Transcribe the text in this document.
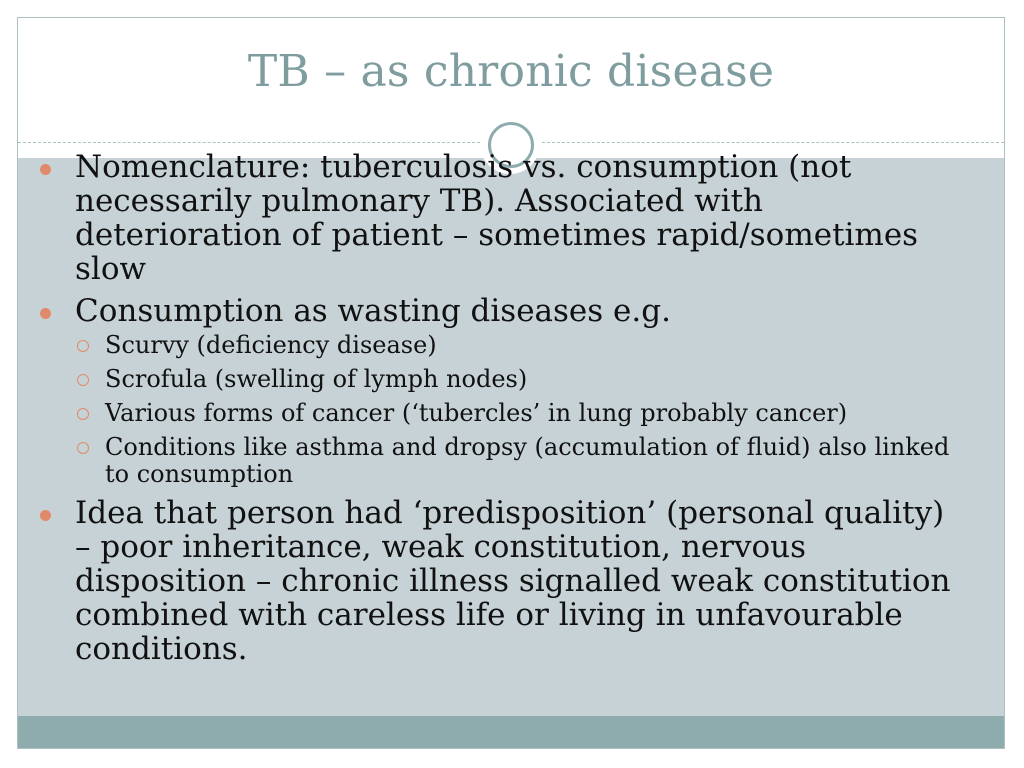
TB – as chronic disease
Nomenclature: tuberculosis vs. consumption (not necessarily pulmonary TB). Associated with deterioration of patient – sometimes rapid/sometimes slow
Consumption as wasting diseases e.g.
Scurvy (deficiency disease)
Scrofula (swelling of lymph nodes)
Various forms of cancer (‘tubercles’ in lung probably cancer)
Conditions like asthma and dropsy (accumulation of fluid) also linked to consumption
Idea that person had ‘predisposition’ (personal quality) – poor inheritance, weak constitution, nervous disposition – chronic illness signalled weak constitution combined with careless life or living in unfavourable conditions.
